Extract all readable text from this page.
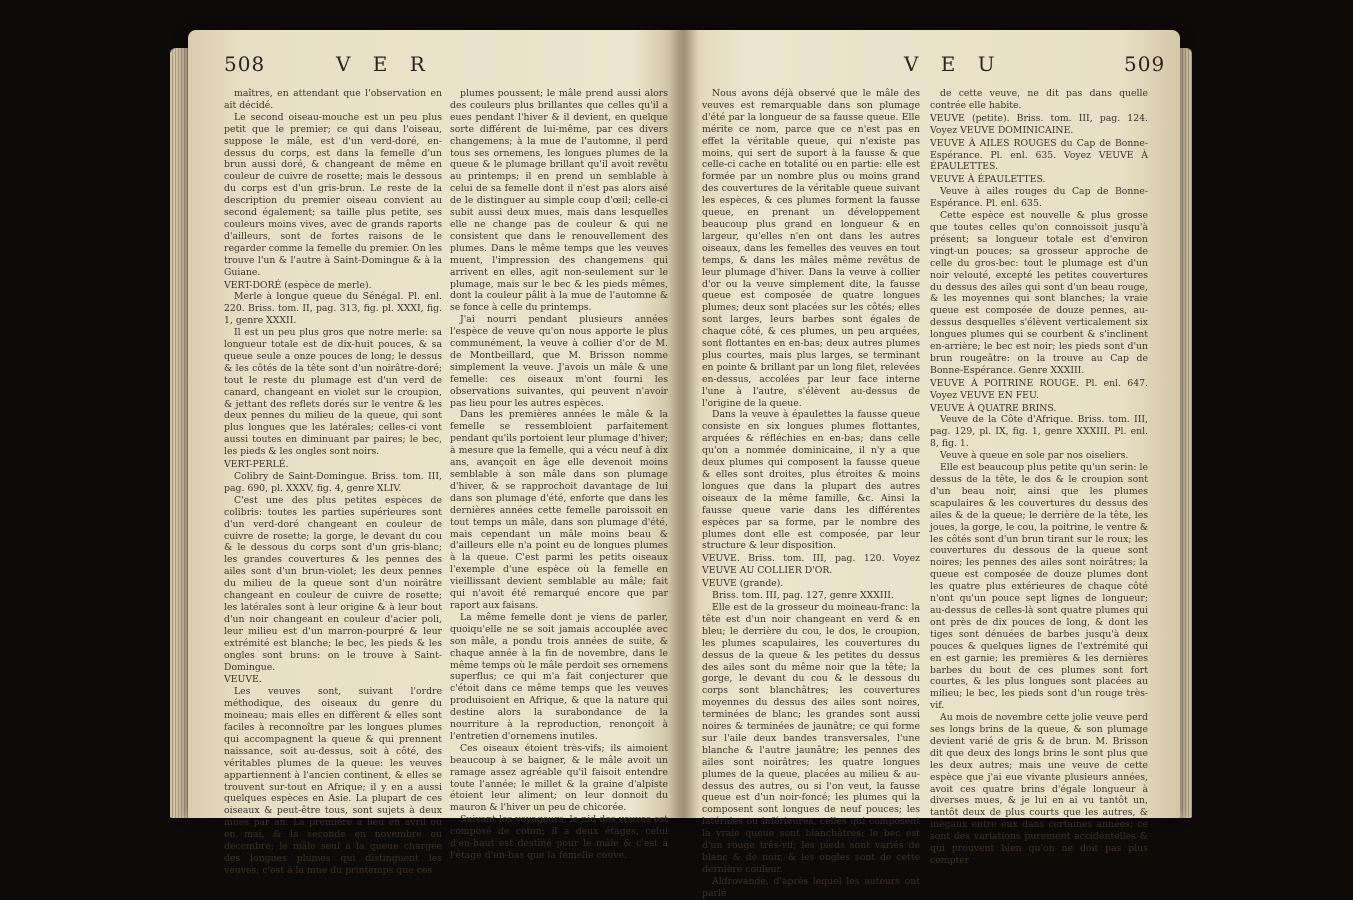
508	V E R

maîtres, en attendant que l'observation en ait décidé.

Le second oiseau-mouche est un peu plus petit que le premier; ce qui dans l'oiseau, suppose le mâle, est d'un verd-doré, en-dessus du corps, est dans la femelle d'un brun aussi doré, & changeant de même en couleur de cuivre de rosette; mais le dessous du corps est d'un gris-brun. Le reste de la description du premier oiseau convient au second également; sa taille plus petite, ses couleurs moins vives, avec de grands raports d'ailleurs, sont de fortes raisons de le regarder comme la femelle du premier. On les trouve l'un & l'autre à Saint-Domingue & à la Guiane.

VERT-DORÉ (espèce de merle).

Merle à longue queue du Sénégal. Pl. enl. 220. Briss. tom. II, pag. 313, fig. pl. XXXI, fig. 1, genre XXXII.

Il est un peu plus gros que notre merle: sa longueur totale est de dix-huit pouces, & sa queue seule a onze pouces de long; le dessus & les côtés de la tête sont d'un noirâtre-doré; tout le reste du plumage est d'un verd de canard, changeant en violet sur le croupion, & jettant des reflets dorés sur le ventre & les deux pennes du milieu de la queue, qui sont plus longues que les latérales; celles-ci vont aussi toutes en diminuant par paires; le bec, les pieds & les ongles sont noirs.

VERT-PERLÉ.

Colibry de Saint-Domingue. Briss. tom. III, pag. 690, pl. XXXV, fig. 4, genre XLIV.

C'est une des plus petites espèces de colibris: toutes les parties supérieures sont d'un verd-doré changeant en couleur de cuivre de rosette; la gorge, le devant du cou & le dessous du corps sont d'un gris-blanc; les grandes couvertures & les pennes des ailes sont d'un brun-violet; les deux pennes du milieu de la queue sont d'un noirâtre changeant en couleur de cuivre de rosette; les latérales sont à leur origine & à leur bout d'un noir changeant en couleur d'acier poli, leur milieu est d'un marron-pourpré & leur extrémité est blanche; le bec, les pieds & les ongles sont bruns: on le trouve à Saint-Domingue.

VEUVE.

Les veuves sont, suivant l'ordre méthodique, des oiseaux du genre du moineau; mais elles en diffèrent & elles sont faciles à reconnoître par les longues plumes qui accompagnent la queue & qui prennent naissance, soit au-dessus, soit à côté, des véritables plumes de la queue: les veuves appartiennent à l'ancien continent, & elles se trouvent sur-tout en Afrique; il y en a aussi quelques espèces en Asie. La plupart de ces oiseaux & peut-être tous, sont sujets à deux mues par an. La première a lieu en avril ou en mai, & la seconde en novembre ou decembre; le mâle seul a la queue chargée des longues plumes qui distinguent les veuves; c'est à la mue du printemps que ces

plumes poussent; le mâle prend aussi alors des couleurs plus brillantes que celles qu'il a eues pendant l'hiver & il devient, en quelque sorte différent de lui-même, par ces divers changemens; à la mue de l'automne, il perd tous ses ornemens, les longues plumes de la queue & le plumage brillant qu'il avoit revêtu au printemps; il en prend un semblable à celui de sa femelle dont il n'est pas alors aisé de le distinguer au simple coup d'œil; celle-ci subit aussi deux mues, mais dans lesquelles elle ne change pas de couleur & qui ne consistent que dans le renouvellement des plumes. Dans le même temps que les veuves muent, l'impression des changemens qui arrivent en elles, agit non-seulement sur le plumage, mais sur le bec & les pieds mêmes, dont la couleur pâlit à la mue de l'automne & se fonce à celle du printemps.

J'ai nourri pendant plusieurs années l'espèce de veuve qu'on nous apporte le plus communément, la veuve à collier d'or de M. de Montbeillard, que M. Brisson nomme simplement la veuve. J'avois un mâle & une femelle: ces oiseaux m'ont fourni les observations suivantes, qui peuvent n'avoir pas lieu pour les autres espèces.

Dans les premières années le mâle & la femelle se ressembloient parfaitement pendant qu'ils portoient leur plumage d'hiver; à mesure que la femelle, qui a vécu neuf à dix ans, avançoit en âge elle devenoit moins semblable à son mâle dans son plumage d'hiver, & se rapprochoit davantage de lui dans son plumage d'été, enforte que dans les dernières années cette femelle paroissoit en tout temps un mâle, dans son plumage d'été, mais cependant un mâle moins beau & d'ailleurs elle n'a point eu de longues plumes à la queue. C'est parmi les petits oiseaux l'exemple d'une espèce où la femelle en vieillissant devient semblable au mâle; fait qui n'avoit été remarqué encore que par raport aux faisans.

La même femelle dont je viens de parler, quoiqu'elle ne se soit jamais accouplée avec son mâle, a pondu trois années de suite, & chaque année à la fin de novembre, dans le même temps où le mâle perdoit ses ornemens superflus; ce qui m'a fait conjecturer que c'étoit dans ce même temps que les veuves produisoient en Afrique, & que la nature qui destine alors la surabondance de la nourriture à la reproduction, renonçoit à l'entretien d'ornemens inutiles.

Ces oiseaux étoient très-vifs; ils aimoient beaucoup à se baigner, & le mâle avoit un ramage assez agréable qu'il faisoit entendre toute l'année; le millet & la graine d'alpiste étoient leur aliment; on leur donnoit du mauron & l'hiver un peu de chicorée.

Suivant les voyageurs, le nid des veuves est composé de coton; il a deux étages, celui d'en-haut est destiné pour le mâle & c'est à l'étage d'en-bas que la femelle couve.

V E U	509

Nous avons déjà observé que le mâle des veuves est remarquable dans son plumage d'été par la longueur de sa fausse queue. Elle mérite ce nom, parce que ce n'est pas en effet la véritable queue, qui n'existe pas moins, qui sert de suport à la fausse & que celle-ci cache en totalité ou en partie: elle est formée par un nombre plus ou moins grand des couvertures de la véritable queue suivant les espèces, & ces plumes forment la fausse queue, en prenant un développement beaucoup plus grand en longueur & en largeur, qu'elles n'en ont dans les autres oiseaux, dans les femelles des veuves en tout temps, & dans les mâles même revêtus de leur plumage d'hiver. Dans la veuve à collier d'or ou la veuve simplement dite, la fausse queue est composée de quatre longues plumes; deux sont placées sur les côtés; elles sont larges, leurs barbes sont égales de chaque côté, & ces plumes, un peu arquées, sont flottantes en en-bas; deux autres plumes plus courtes, mais plus larges, se terminant en pointe & brillant par un long filet, relevées en-dessus, accolées par leur face interne l'une à l'autre, s'élèvent au-dessus de l'origine de la queue.

Dans la veuve à épaulettes la fausse queue consiste en six longues plumes flottantes, arquées & réfléchies en en-bas; dans celle qu'on a nommée dominicaine, il n'y a que deux plumes qui composent la fausse queue & elles sont droites, plus étroites & moins longues que dans la plupart des autres oiseaux de la même famille, &c. Ainsi la fausse queue varie dans les différentes espèces par sa forme, par le nombre des plumes dont elle est composée, par leur structure & leur disposition.

VEUVE. Briss. tom. III, pag. 120. Voyez VEUVE AU COLLIER D'OR.

VEUVE (grande).

Briss. tom. III, pag. 127, genre XXXIII.

Elle est de la grosseur du moineau-franc: la tête est d'un noir changeant en verd & en bleu; le derrière du cou, le dos, le croupion, les plumes scapulaires, les couvertures du dessus de la queue & les petites du dessus des ailes sont du même noir que la tête; la gorge, le devant du cou & le dessous du corps sont blanchâtres; les couvertures moyennes du dessus des ailes sont noires, terminées de blanc; les grandes sont aussi noires & terminées de jaunâtre; ce qui forme sur l'aile deux bandes transversales, l'une blanche & l'autre jaunâtre; les pennes des ailes sont noirâtres; les quatre longues plumes de la queue, placées au milieu & au-dessus des autres, ou si l'on veut, la fausse queue est d'un noir-foncé; les plumes qui la composent sont longues de neuf pouces; les latérales ou inférieures, celles qui composent la vraie queue sont blanchâtres; le bec est d'un rouge très-vif; les pieds sont variés de blanc & de noir, & les ongles sont de cette dernière couleur.

Aldrovande, d'après lequel les auteurs ont parlé

de cette veuve, ne dit pas dans quelle contrée elle habite.

VEUVE (petite). Briss. tom. III, pag. 124. Voyez VEUVE DOMINICAINE.

VEUVE À AILES ROUGES du Cap de Bonne-Espérance. Pl. enl. 635. Voyez VEUVE À ÉPAULETTES.

VEUVE À ÉPAULETTES.

Veuve à ailes rouges du Cap de Bonne-Espérance. Pl. enl. 635.

Cette espèce est nouvelle & plus grosse que toutes celles qu'on connoissoit jusqu'à présent; sa longueur totale est d'environ vingt-un pouces; sa grosseur approche de celle du gros-bec: tout le plumage est d'un noir velouté, excepté les petites couvertures du dessus des ailes qui sont d'un beau rouge, & les moyennes qui sont blanches; la vraie queue est composée de douze pennes, au-dessus desquelles s'élèvent verticalement six longues plumes qui se courbent & s'inclinent en-arrière; le bec est noir; les pieds sont d'un brun rougeâtre: on la trouve au Cap de Bonne-Espérance. Genre XXXIII.

VEUVE À POITRINE ROUGE. Pl. enl. 647. Voyez VEUVE EN FEU.

VEUVE À QUATRE BRINS.

Veuve de la Côte d'Afrique. Briss. tom. III, pag. 129, pl. IX, fig. 1, genre XXXIII. Pl. enl. 8, fig. 1.

Veuve à queue en sole par nos oiseliers.

Elle est beaucoup plus petite qu'un serin: le dessus de la tête, le dos & le croupion sont d'un beau noir, ainsi que les plumes scapulaires & les couvertures du dessus des ailes & de la queue; le derrière de la tête, les joues, la gorge, le cou, la poitrine, le ventre & les côtés sont d'un brun tirant sur le roux; les couvertures du dessous de la queue sont noires; les pennes des ailes sont noirâtres; la queue est composée de douze plumes dont les quatre plus extérieures de chaque côté n'ont qu'un pouce sept lignes de longueur; au-dessus de celles-là sont quatre plumes qui ont près de dix pouces de long, & dont les tiges sont dénuées de barbes jusqu'à deux pouces & quelques lignes de l'extrémité qui en est garnie; les premières & les dernières barbes du bout de ces plumes sont fort courtes, & les plus longues sont placées au milieu; le bec, les pieds sont d'un rouge très-vif.

Au mois de novembre cette jolie veuve perd ses longs brins de la queue, & son plumage devient varié de gris & de brun. M. Brisson dit que deux des longs brins le sont plus que les deux autres; mais une veuve de cette espèce que j'ai eue vivante plusieurs années, avoit ces quatre brins d'égale longueur à diverses mues, & je lui en ai vu tantôt un, tantôt deux de plus courts que les autres, & inégaux entre eux dans certaines années; ce sont des variations purement accidentelles & qui prouvent bien qu'on ne doit pas plus compter
